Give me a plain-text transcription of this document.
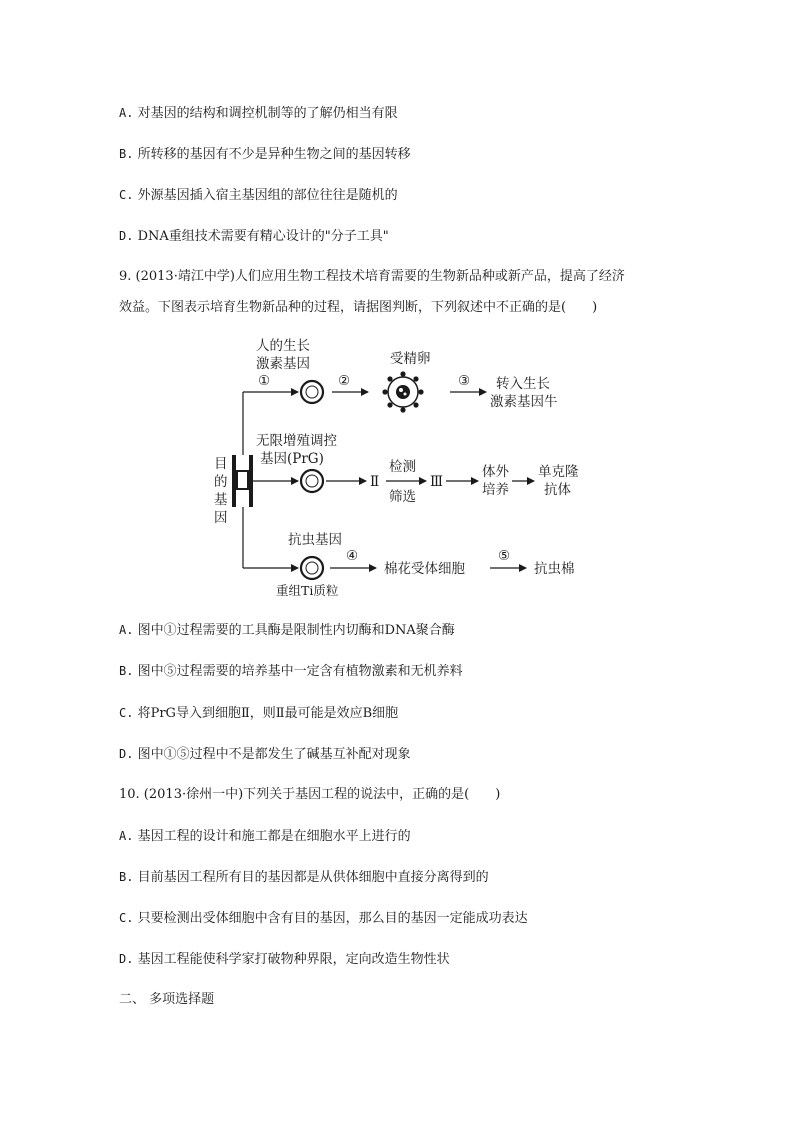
A. 对基因的结构和调控机制等的了解仍相当有限
B. 所转移的基因有不少是异种生物之间的基因转移
C. 外源基因插入宿主基因组的部位往往是随机的
D. DNA重组技术需要有精心设计的"分子工具"
9. (2013·靖江中学)人们应用生物工程技术培育需要的生物新品种或新产品，提高了经济
效益。下图表示培育生物新品种的过程，请据图判断，下列叙述中不正确的是(　　)
目
的
基
因
①
人的生长
激素基因
②
受精卵
③ 转入生长
激素基因牛
无限增殖调控
基因(PrG)
Ⅱ
检测
筛选
Ⅲ
体外
培养
单克隆
抗体
抗虫基因
重组Ti质粒
④
棉花受体细胞
⑤
抗虫棉
A. 图中①过程需要的工具酶是限制性内切酶和DNA聚合酶
B. 图中⑤过程需要的培养基中一定含有植物激素和无机养料
C. 将PrG导入到细胞Ⅱ，则Ⅱ最可能是效应B细胞
D. 图中①⑤过程中不是都发生了碱基互补配对现象
10. (2013·徐州一中)下列关于基因工程的说法中，正确的是(　　)
A. 基因工程的设计和施工都是在细胞水平上进行的
B. 目前基因工程所有目的基因都是从供体细胞中直接分离得到的
C. 只要检测出受体细胞中含有目的基因，那么目的基因一定能成功表达
D. 基因工程能使科学家打破物种界限，定向改造生物性状
二、 多项选择题
